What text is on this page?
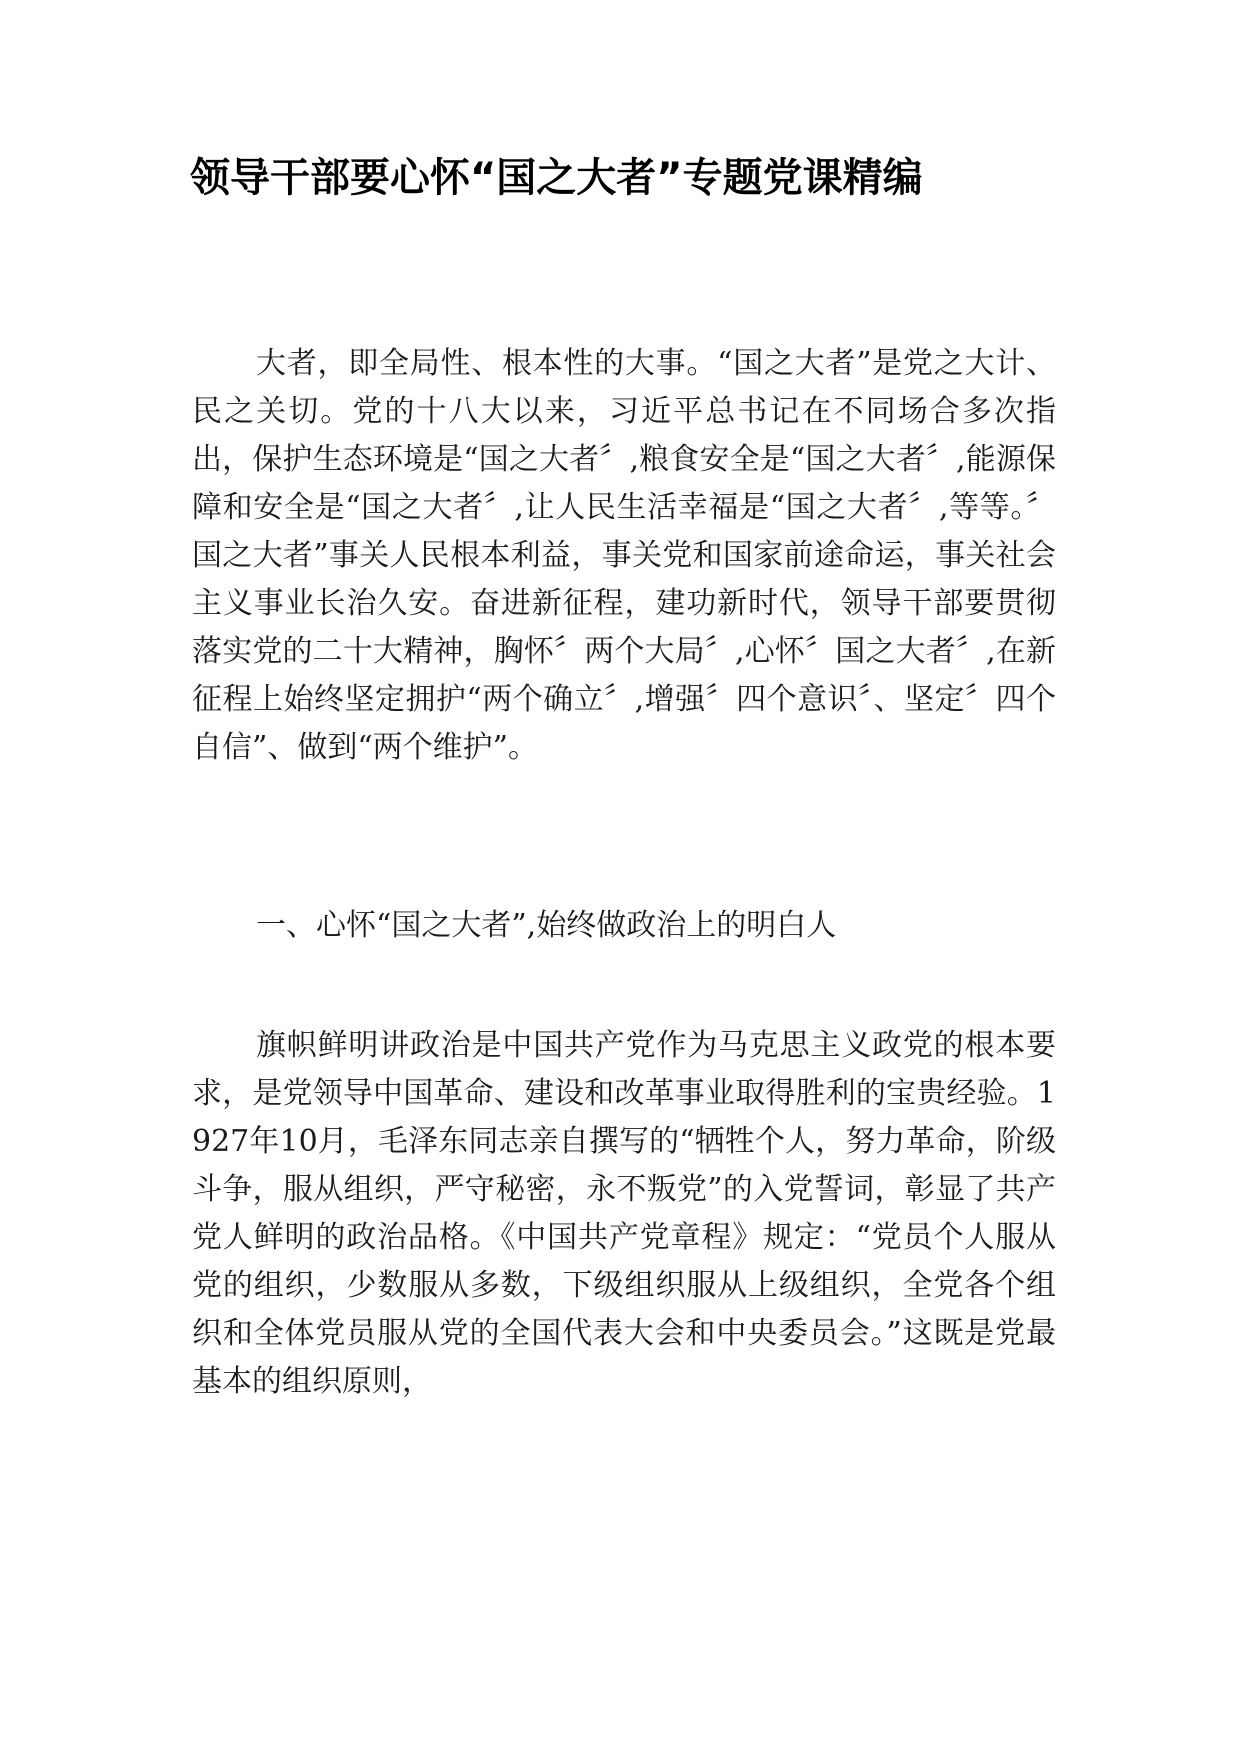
领导干部要心怀“国之大者”专题党课精编

大者，即全局性、根本性的大事。“国之大者”是党之大计、民之关切。党的十八大以来，习近平总书记在不同场合多次指出，保护生态环境是“国之大者〞,粮食安全是“国之大者〞,能源保障和安全是“国之大者〞,让人民生活幸福是“国之大者〞,等等。〞国之大者”事关人民根本利益，事关党和国家前途命运，事关社会主义事业长治久安。奋进新征程，建功新时代，领导干部要贯彻落实党的二十大精神，胸怀〞两个大局〞,心怀〞国之大者〞,在新征程上始终坚定拥护“两个确立〞,增强〞四个意识〞、坚定〞四个自信”、做到“两个维护”。

一、心怀“国之大者”,始终做政治上的明白人

旗帜鲜明讲政治是中国共产党作为马克思主义政党的根本要求，是党领导中国革命、建设和改革事业取得胜利的宝贵经验。1927年10月，毛泽东同志亲自撰写的“牺牲个人，努力革命，阶级斗争，服从组织，严守秘密，永不叛党”的入党誓词，彰显了共产党人鲜明的政治品格。《中国共产党章程》规定：“党员个人服从党的组织，少数服从多数，下级组织服从上级组织，全党各个组织和全体党员服从党的全国代表大会和中央委员会。”这既是党最基本的组织原则，
